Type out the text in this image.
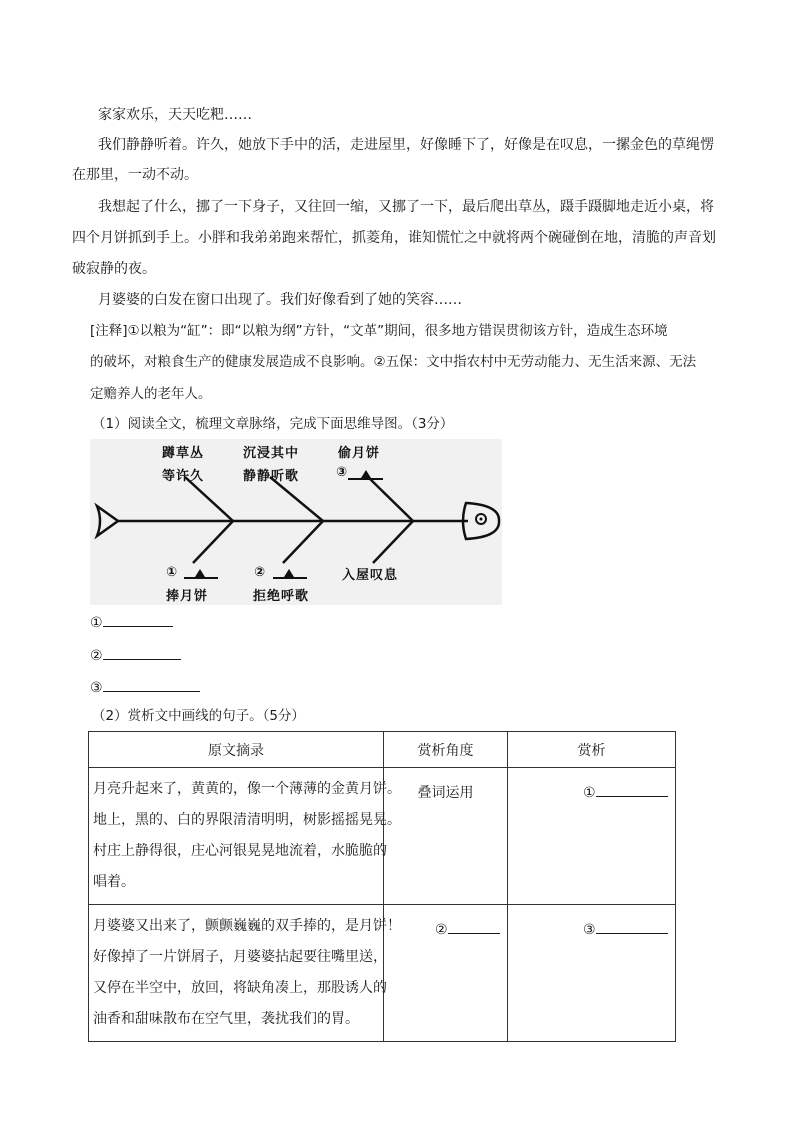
家家欢乐，天天吃粑……
我们静静听着。许久，她放下手中的活，走进屋里，好像睡下了，好像是在叹息，一摞金色的草绳愣
在那里，一动不动。
我想起了什么，挪了一下身子，又往回一缩，又挪了一下，最后爬出草丛，蹑手蹑脚地走近小桌，将
四个月饼抓到手上。小胖和我弟弟跑来帮忙，抓菱角，谁知慌忙之中就将两个碗碰倒在地，清脆的声音划
破寂静的夜。
月婆婆的白发在窗口出现了。我们好像看到了她的笑容……
[注释]①以粮为“缸”：即“以粮为纲”方针，“文革”期间，很多地方错误贯彻该方针，造成生态环境
的破坏，对粮食生产的健康发展造成不良影响。②五保：文中指农村中无劳动能力、无生活来源、无法
定赡养人的老年人。
（1）阅读全文，梳理文章脉络，完成下面思维导图。（3分）
蹲草丛
等许久
沉浸其中
静静听歌
偷月饼
③
①
捧月饼
②
拒绝呼歌
入屋叹息
①
②
③
（2）赏析文中画线的句子。（5分）
原文摘录	赏析角度	赏析

月亮升起来了，黄黄的，像一个薄薄的金黄月饼。

地上，黑的、白的界限清清明明，树影摇摇晃晃。

村庄上静得很，庄心河银晃晃地流着，水脆脆的

唱着。	叠词运用	①

月婆婆又出来了，颤颤巍巍的双手捧的，是月饼！

好像掉了一片饼屑子，月婆婆拈起要往嘴里送，

又停在半空中，放回，将缺角凑上，那股诱人的

油香和甜味散布在空气里，袭扰我们的胃。	②	③
